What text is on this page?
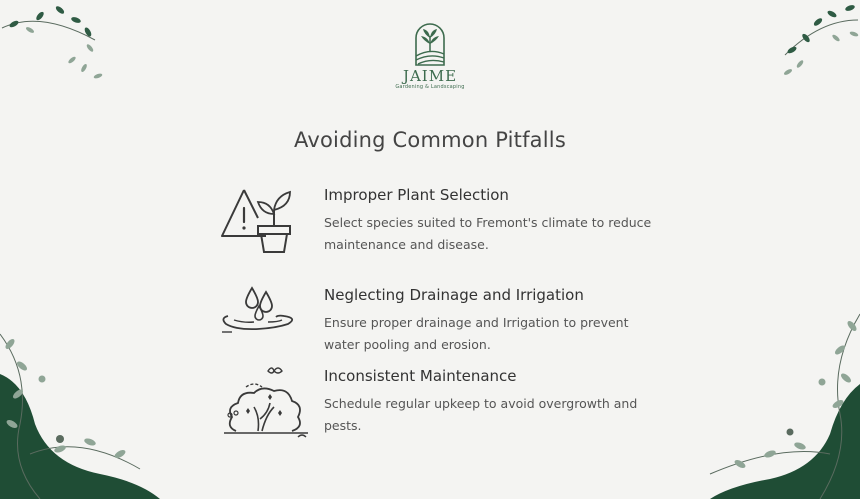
JAIME
Gardening & Landscaping
Avoiding Common Pitfalls
Improper Plant Selection

Select species suited to Fremont's climate to reduce maintenance and disease.

Neglecting Drainage and Irrigation

Ensure proper drainage and Irrigation to prevent water pooling and erosion.

Inconsistent Maintenance

Schedule regular upkeep to avoid overgrowth and pests.
